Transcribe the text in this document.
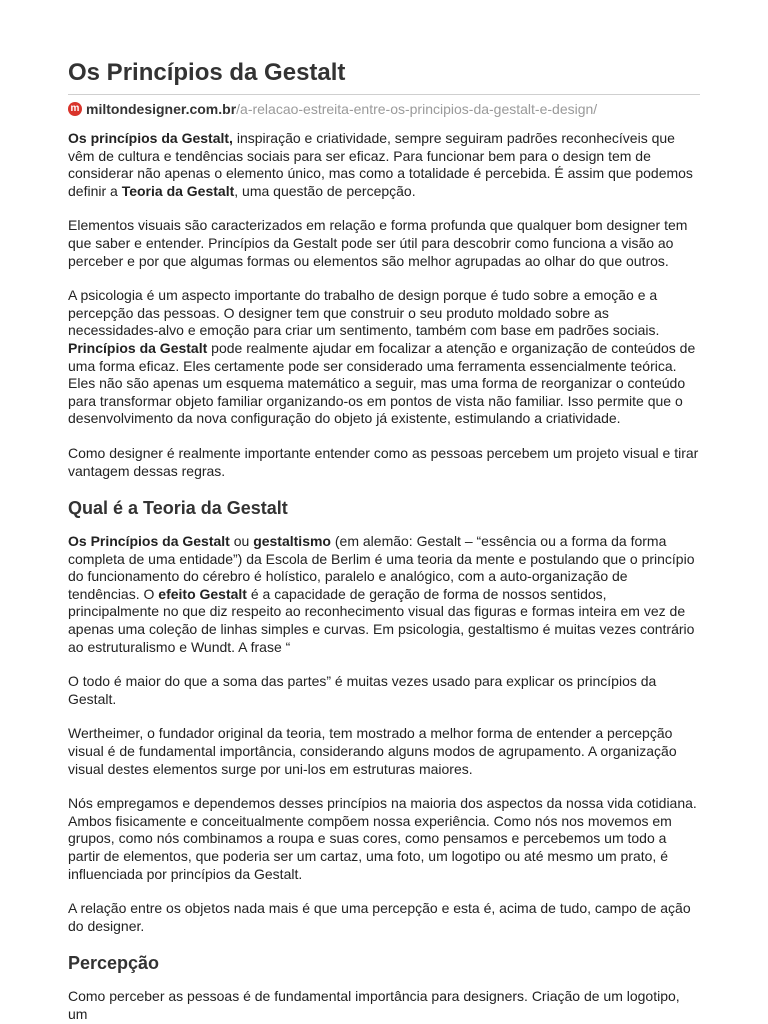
Os Princípios da Gestalt
m miltondesigner.com.br /a-relacao-estreita-entre-os-principios-da-gestalt-e-design/

Os princípios da Gestalt, inspiração e criatividade, sempre seguiram padrões reconhecíveis que vêm de cultura e tendências sociais para ser eficaz. Para funcionar bem para o design tem de considerar não apenas o elemento único, mas como a totalidade é percebida. É assim que podemos definir a Teoria da Gestalt, uma questão de percepção.

Elementos visuais são caracterizados em relação e forma profunda que qualquer bom designer tem que saber e entender. Princípios da Gestalt pode ser útil para descobrir como funciona a visão ao perceber e por que algumas formas ou elementos são melhor agrupadas ao olhar do que outros.

A psicologia é um aspecto importante do trabalho de design porque é tudo sobre a emoção e a percepção das pessoas. O designer tem que construir o seu produto moldado sobre as necessidades-alvo e emoção para criar um sentimento, também com base em padrões sociais. Princípios da Gestalt pode realmente ajudar em focalizar a atenção e organização de conteúdos de uma forma eficaz. Eles certamente pode ser considerado uma ferramenta essencialmente teórica. Eles não são apenas um esquema matemático a seguir, mas uma forma de reorganizar o conteúdo para transformar objeto familiar organizando-os em pontos de vista não familiar. Isso permite que o desenvolvimento da nova configuração do objeto já existente, estimulando a criatividade.

Como designer é realmente importante entender como as pessoas percebem um projeto visual e tirar vantagem dessas regras.

Qual é a Teoria da Gestalt

Os Princípios da Gestalt ou gestaltismo (em alemão: Gestalt – “essência ou a forma da forma completa de uma entidade”) da Escola de Berlim é uma teoria da mente e postulando que o princípio do funcionamento do cérebro é holístico, paralelo e analógico, com a auto-organização de tendências. O efeito Gestalt é a capacidade de geração de forma de nossos sentidos, principalmente no que diz respeito ao reconhecimento visual das figuras e formas inteira em vez de apenas uma coleção de linhas simples e curvas. Em psicologia, gestaltismo é muitas vezes contrário ao estruturalismo e Wundt. A frase “

O todo é maior do que a soma das partes” é muitas vezes usado para explicar os princípios da Gestalt.

Wertheimer, o fundador original da teoria, tem mostrado a melhor forma de entender a percepção visual é de fundamental importância, considerando alguns modos de agrupamento. A organização visual destes elementos surge por uni-los em estruturas maiores.

Nós empregamos e dependemos desses princípios na maioria dos aspectos da nossa vida cotidiana. Ambos fisicamente e conceitualmente compõem nossa experiência. Como nós nos movemos em grupos, como nós combinamos a roupa e suas cores, como pensamos e percebemos um todo a partir de elementos, que poderia ser um cartaz, uma foto, um logotipo ou até mesmo um prato, é influenciada por princípios da Gestalt.

A relação entre os objetos nada mais é que uma percepção e esta é, acima de tudo, campo de ação do designer.

Percepção

Como perceber as pessoas é de fundamental importância para designers. Criação de um logotipo, um
